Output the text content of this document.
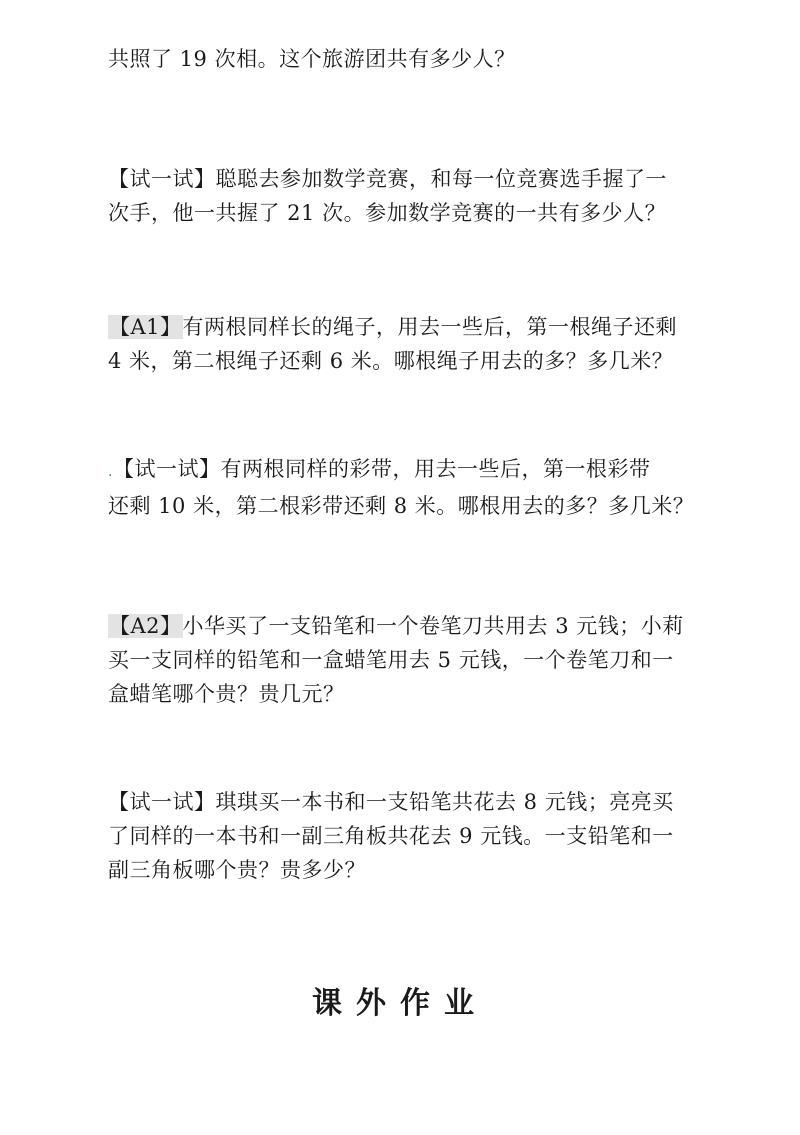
共照了 19 次相。这个旅游团共有多少人？

【试一试】聪聪去参加数学竞赛，和每一位竞赛选手握了一
次手，他一共握了 21 次。参加数学竞赛的一共有多少人？

【A1】有两根同样长的绳子，用去一些后，第一根绳子还剩
4 米，第二根绳子还剩 6 米。哪根绳子用去的多？多几米？

.【试一试】有两根同样的彩带，用去一些后，第一根彩带
还剩 10 米，第二根彩带还剩 8 米。哪根用去的多？多几米？

【A2】小华买了一支铅笔和一个卷笔刀共用去 3 元钱；小莉
买一支同样的铅笔和一盒蜡笔用去 5 元钱，一个卷笔刀和一
盒蜡笔哪个贵？贵几元？

【试一试】琪琪买一本书和一支铅笔共花去 8 元钱；亮亮买
了同样的一本书和一副三角板共花去 9 元钱。一支铅笔和一
副三角板哪个贵？贵多少？

课外作业
